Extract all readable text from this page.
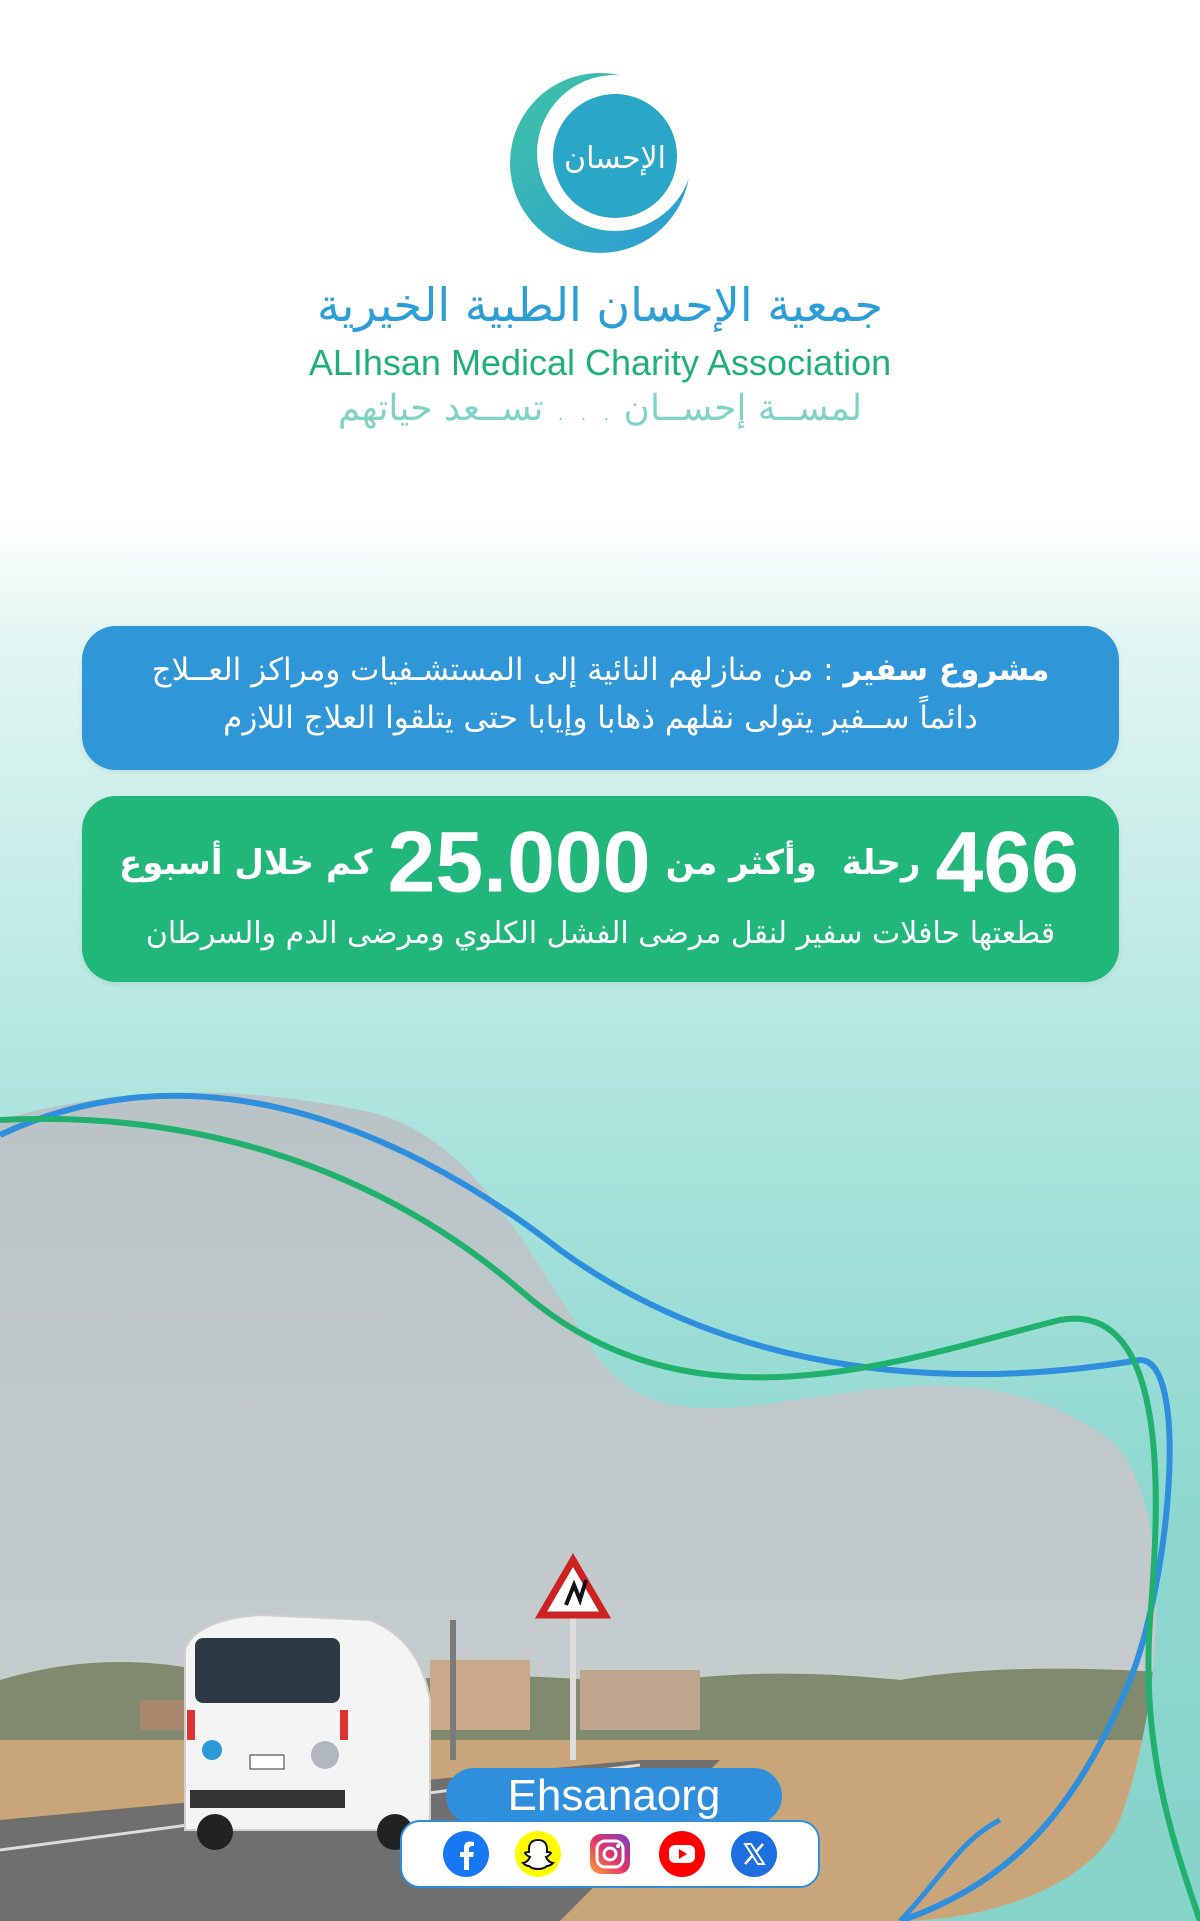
الإحسان
جمعية الإحسان الطبية الخيرية
ALIhsan Medical Charity Association
لمســة إحســان . . . تســعد حياتهم
مشروع سفير : من منازلهم النائية إلى المستشـفيات ومراكز العــلاج
دائماً ســفير يتولى نقلهم ذهابا وإيابا حتى يتلقوا العلاج اللازم
466 رحلة وأكثر من 25.000 كم خلال أسبوع
قطعتها حافلات سفير لنقل مرضى الفشل الكلوي ومرضى الدم والسرطان
Ehsanaorg
